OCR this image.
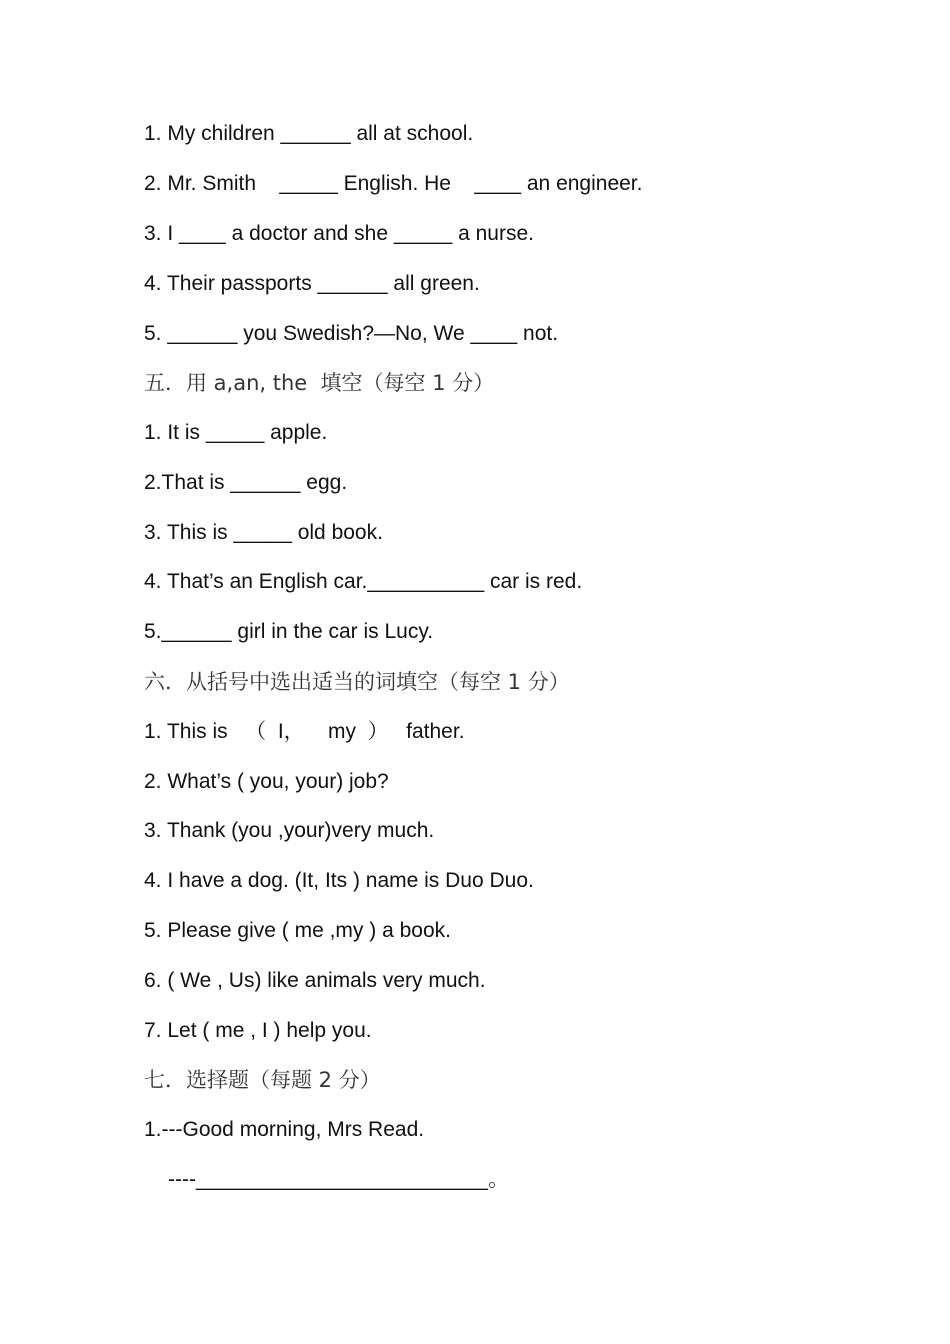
1. My children ______ all at school.
2. Mr. Smith    _____ English. He    ____ an engineer.
3. I ____ a doctor and she _____ a nurse.
4. Their passports ______ all green.
5. ______ you Swedish?—No, We ____ not.
五．用 a,an, the  填空（每空 1 分）
1. It is _____ apple.
2.That is ______ egg.
3. This is _____ old book.
4. That’s an English car.__________ car is red.
5.______ girl in the car is Lucy.
六．从括号中选出适当的词填空（每空 1 分）
1. This is   （  I，    my  ）   father.
2. What’s ( you, your) job?
3. Thank (you ,your)very much.
4. I have a dog. (It, Its ) name is Duo Duo.
5. Please give ( me ,my ) a book.
6. ( We , Us) like animals very much.
7. Let ( me , I ) help you.
七．选择题（每题 2 分）
1.---Good morning, Mrs Read.
----_________________________。
